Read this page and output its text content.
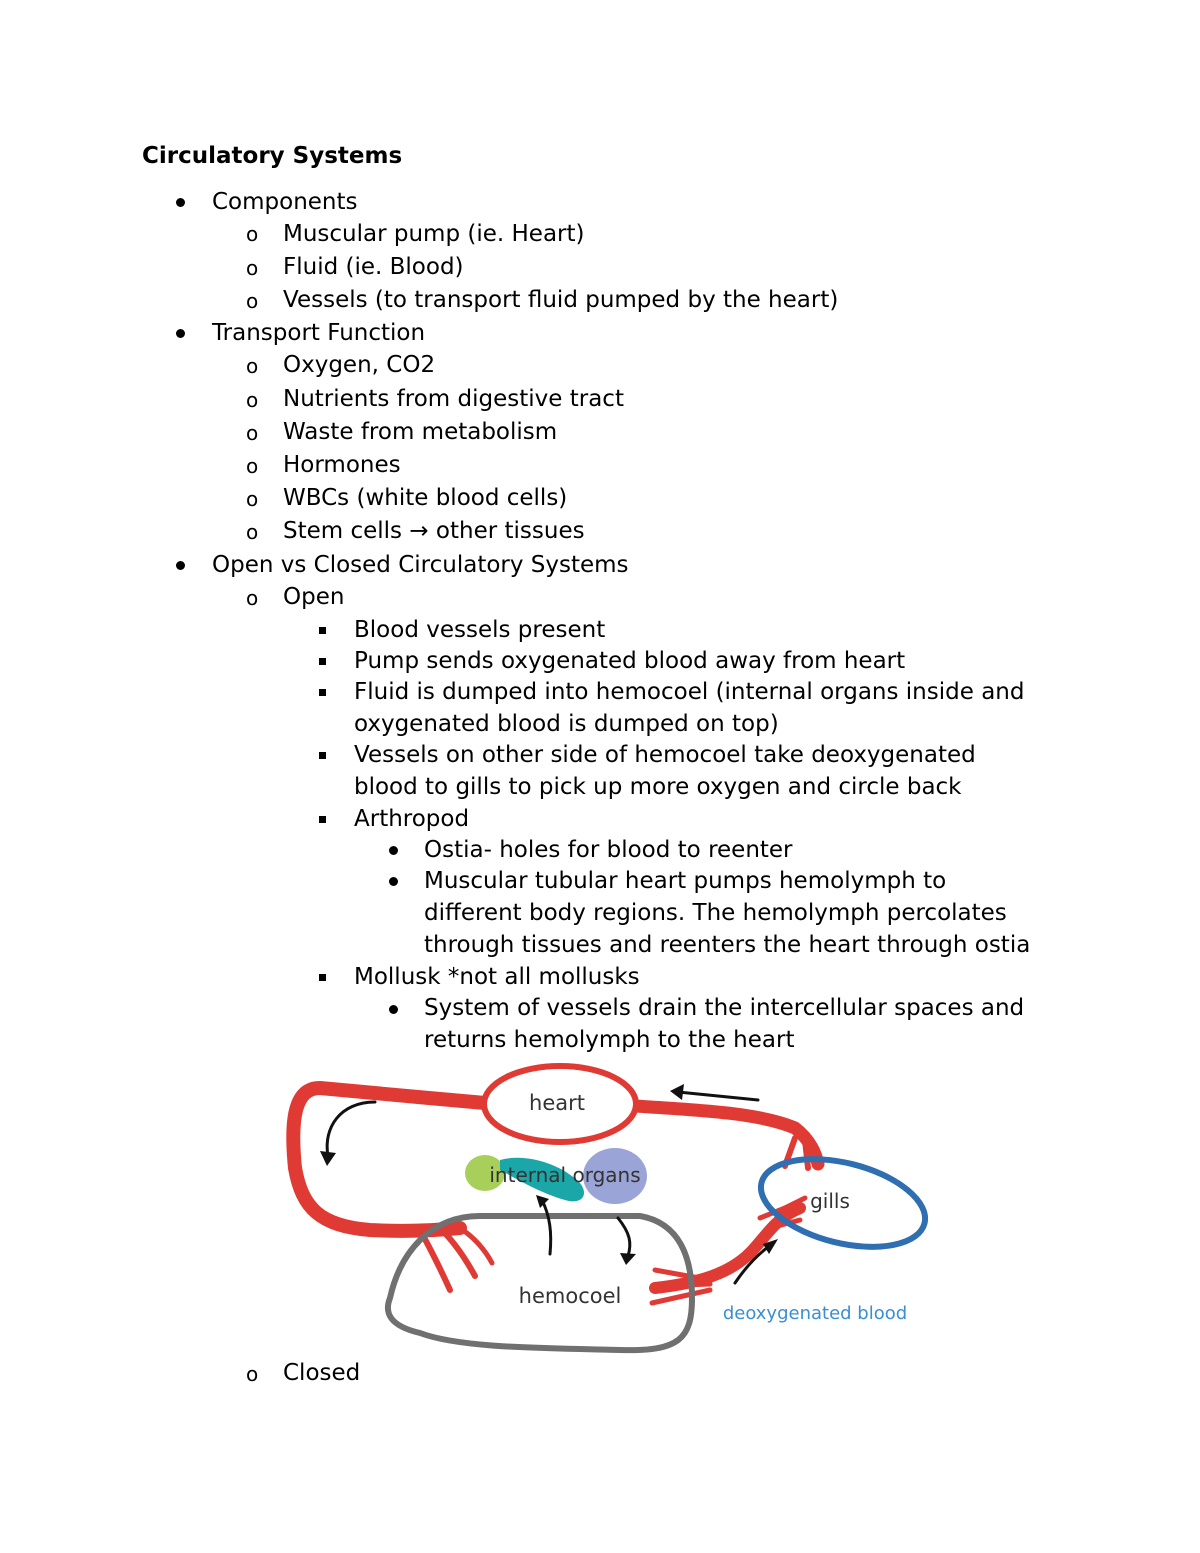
Circulatory Systems
Components
o Muscular pump (ie. Heart)
o Fluid (ie. Blood)
o Vessels (to transport fluid pumped by the heart)
Transport Function
o Oxygen, CO2
o Nutrients from digestive tract
o Waste from metabolism
o Hormones
o WBCs (white blood cells)
o Stem cells → other tissues
Open vs Closed Circulatory Systems
o Open
Blood vessels present
Pump sends oxygenated blood away from heart
Fluid is dumped into hemocoel (internal organs inside and
oxygenated blood is dumped on top)
Vessels on other side of hemocoel take deoxygenated
blood to gills to pick up more oxygen and circle back
Arthropod
Ostia- holes for blood to reenter
Muscular tubular heart pumps hemolymph to
different body regions. The hemolymph percolates
through tissues and reenters the heart through ostia
Mollusk *not all mollusks
System of vessels drain the intercellular spaces and
returns hemolymph to the heart
heart
gills
hemocoel
internal organs
deoxygenated blood
o Closed
